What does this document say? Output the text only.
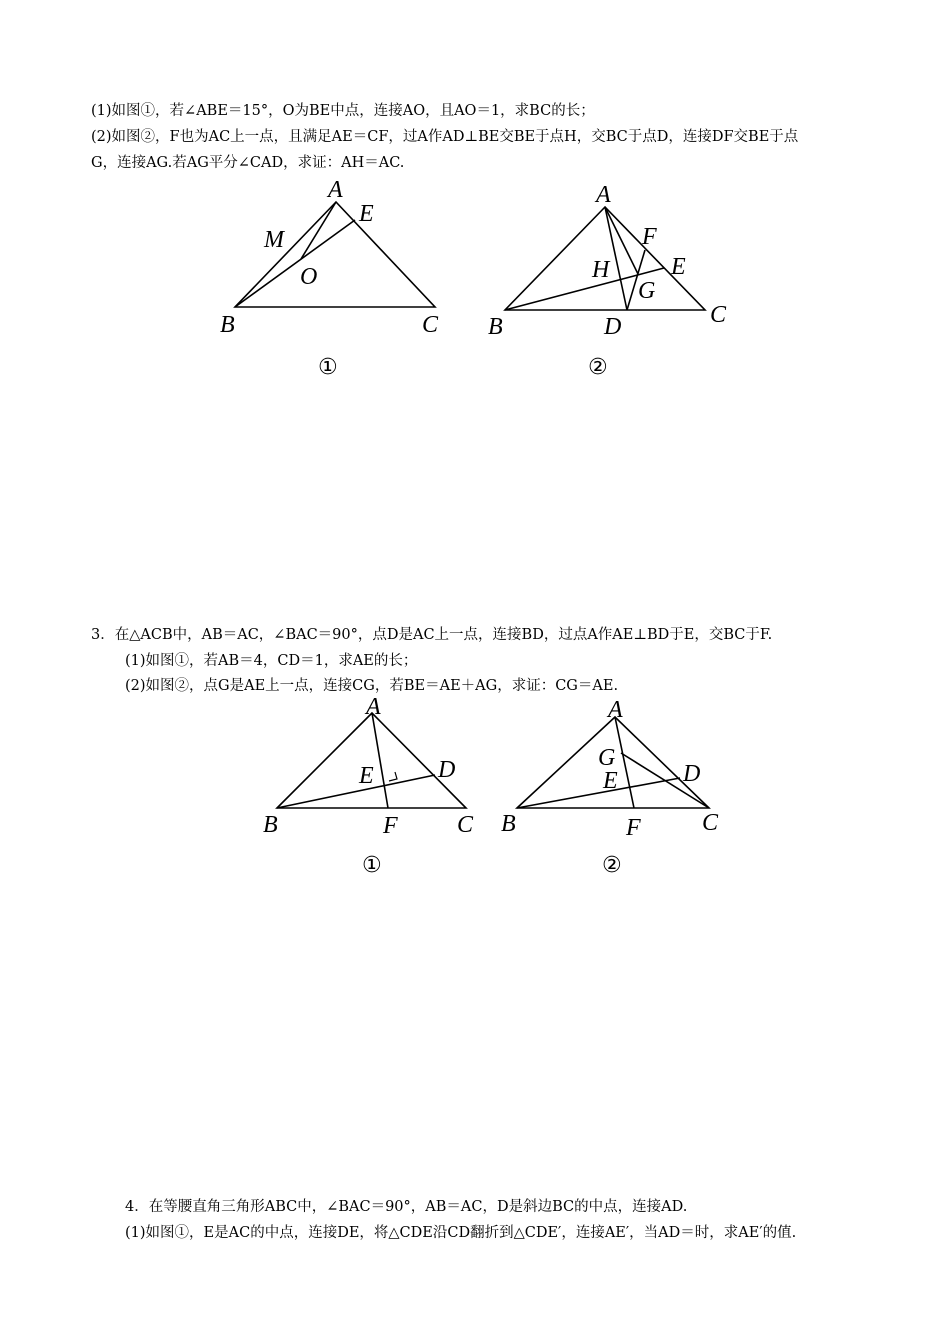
(1)如图①，若∠ABE＝15°，O为BE中点，连接AO，且AO＝1，求BC的长；
(2)如图②，F也为AC上一点，且满足AE＝CF，过A作AD⊥BE交BE于点H，交BC于点D，连接DF交BE于点
G，连接AG.若AG平分∠CAD，求证：AH＝AC.
A
E
M
O
B	C
①
A
F
H	E
G
B	D	C
②
3．在△ACB中，AB＝AC，∠BAC＝90°，点D是AC上一点，连接BD，过点A作AE⊥BD于E，交BC于F.
(1)如图①，若AB＝4，CD＝1，求AE的长；
(2)如图②，点G是AE上一点，连接CG，若BE＝AE＋AG，求证：CG＝AE.
A
E	D
B	F C
①
A
G
E	D
B	F	C
②
4．在等腰直角三角形ABC中，∠BAC＝90°，AB＝AC，D是斜边BC的中点，连接AD.
(1)如图①，E是AC的中点，连接DE，将△CDE沿CD翻折到△CDE′，连接AE′，当AD＝时，求AE′的值.
